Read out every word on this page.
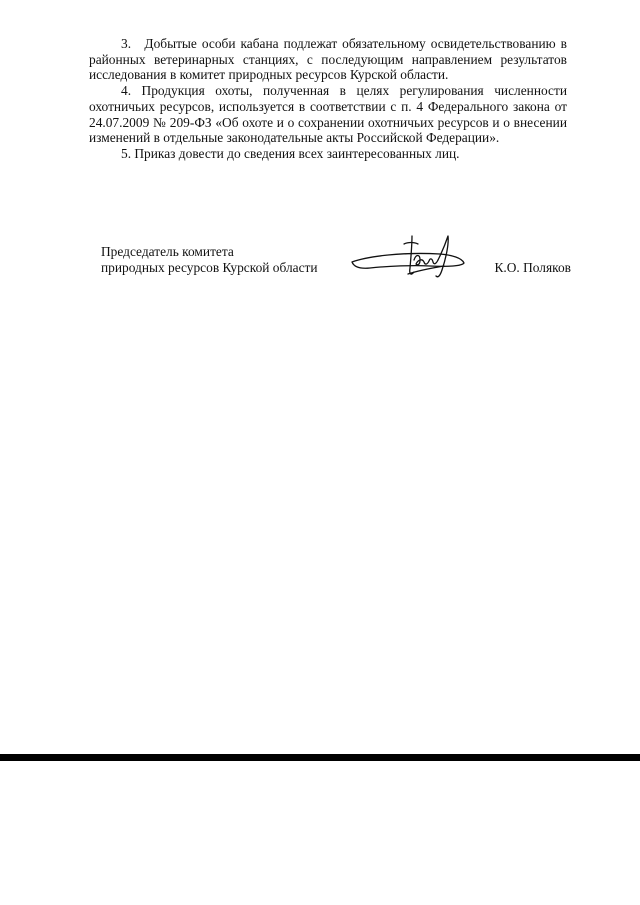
3. Добытые особи кабана подлежат обязательному освидетельствованию в районных ветеринарных станциях, с последующим направлением результатов исследования в комитет природных ресурсов Курской области.

4. Продукция охоты, полученная в целях регулирования численности охотничьих ресурсов, используется в соответствии с п. 4 Федерального закона от 24.07.2009 № 209-ФЗ «Об охоте и о сохранении охотничьих ресурсов и о внесении изменений в отдельные законодательные акты Российской Федерации».

5. Приказ довести до сведения всех заинтересованных лиц.

Председатель комитета
природных ресурсов Курской области	К.О. Поляков
